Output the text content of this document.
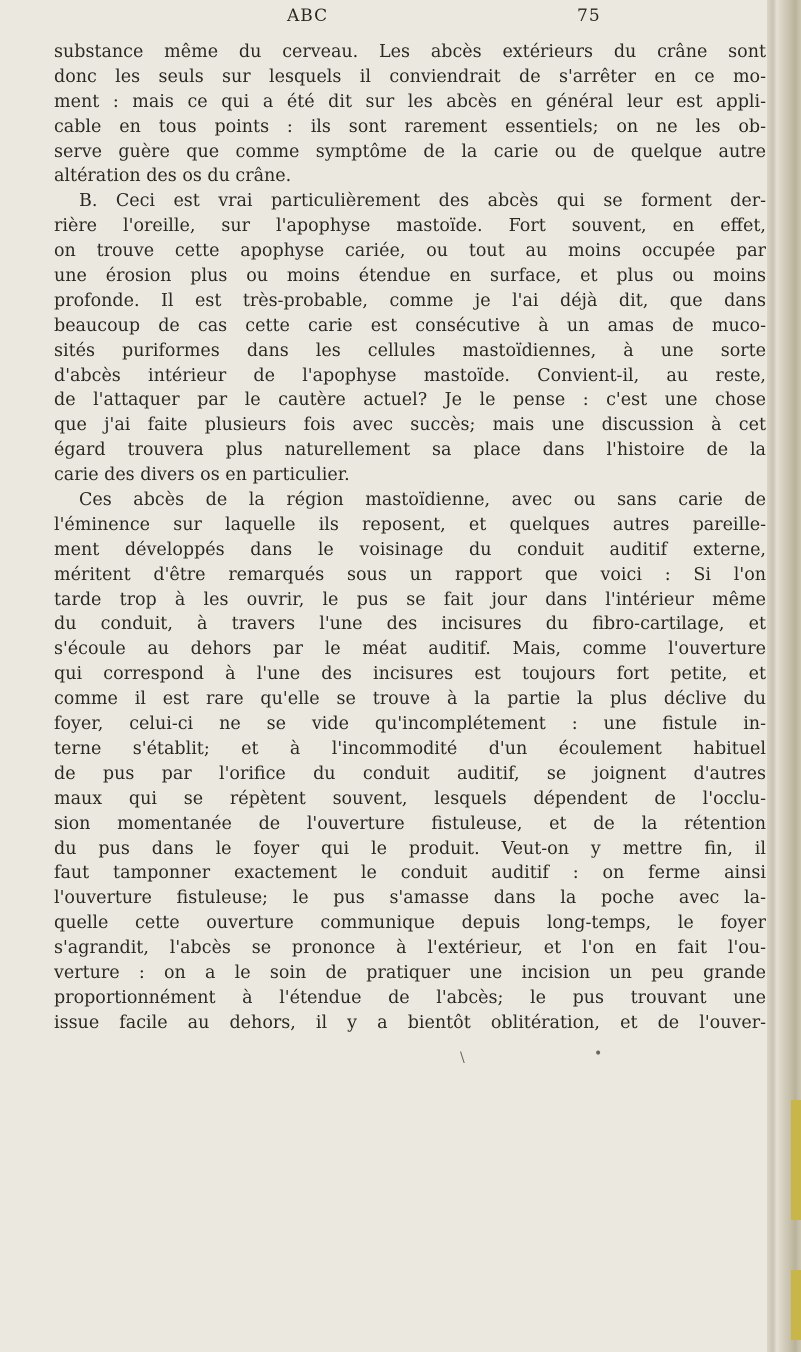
ABC	75
substance même du cerveau. Les abcès extérieurs du crâne sont
donc les seuls sur lesquels il conviendrait de s'arrêter en ce mo-
ment : mais ce qui a été dit sur les abcès en général leur est appli-
cable en tous points : ils sont rarement essentiels; on ne les ob-
serve guère que comme symptôme de la carie ou de quelque autre
altération des os du crâne.
B. Ceci est vrai particulièrement des abcès qui se forment der-
rière l'oreille, sur l'apophyse mastoïde. Fort souvent, en effet,
on trouve cette apophyse cariée, ou tout au moins occupée par
une érosion plus ou moins étendue en surface, et plus ou moins
profonde. Il est très-probable, comme je l'ai déjà dit, que dans
beaucoup de cas cette carie est consécutive à un amas de muco-
sités puriformes dans les cellules mastoïdiennes, à une sorte
d'abcès intérieur de l'apophyse mastoïde. Convient-il, au reste,
de l'attaquer par le cautère actuel? Je le pense : c'est une chose
que j'ai faite plusieurs fois avec succès; mais une discussion à cet
égard trouvera plus naturellement sa place dans l'histoire de la
carie des divers os en particulier.
Ces abcès de la région mastoïdienne, avec ou sans carie de
l'éminence sur laquelle ils reposent, et quelques autres pareille-
ment développés dans le voisinage du conduit auditif externe,
méritent d'être remarqués sous un rapport que voici : Si l'on
tarde trop à les ouvrir, le pus se fait jour dans l'intérieur même
du conduit, à travers l'une des incisures du fibro-cartilage, et
s'écoule au dehors par le méat auditif. Mais, comme l'ouverture
qui correspond à l'une des incisures est toujours fort petite, et
comme il est rare qu'elle se trouve à la partie la plus déclive du
foyer, celui-ci ne se vide qu'incomplétement : une fistule in-
terne s'établit; et à l'incommodité d'un écoulement habituel
de pus par l'orifice du conduit auditif, se joignent d'autres
maux qui se répètent souvent, lesquels dépendent de l'occlu-
sion momentanée de l'ouverture fistuleuse, et de la rétention
du pus dans le foyer qui le produit. Veut-on y mettre fin, il
faut tamponner exactement le conduit auditif : on ferme ainsi
l'ouverture fistuleuse; le pus s'amasse dans la poche avec la-
quelle cette ouverture communique depuis long-temps, le foyer
s'agrandit, l'abcès se prononce à l'extérieur, et l'on en fait l'ou-
verture : on a le soin de pratiquer une incision un peu grande
proportionnément à l'étendue de l'abcès; le pus trouvant une
issue facile au dehors, il y a bientôt oblitération, et de l'ouver-
•
\
